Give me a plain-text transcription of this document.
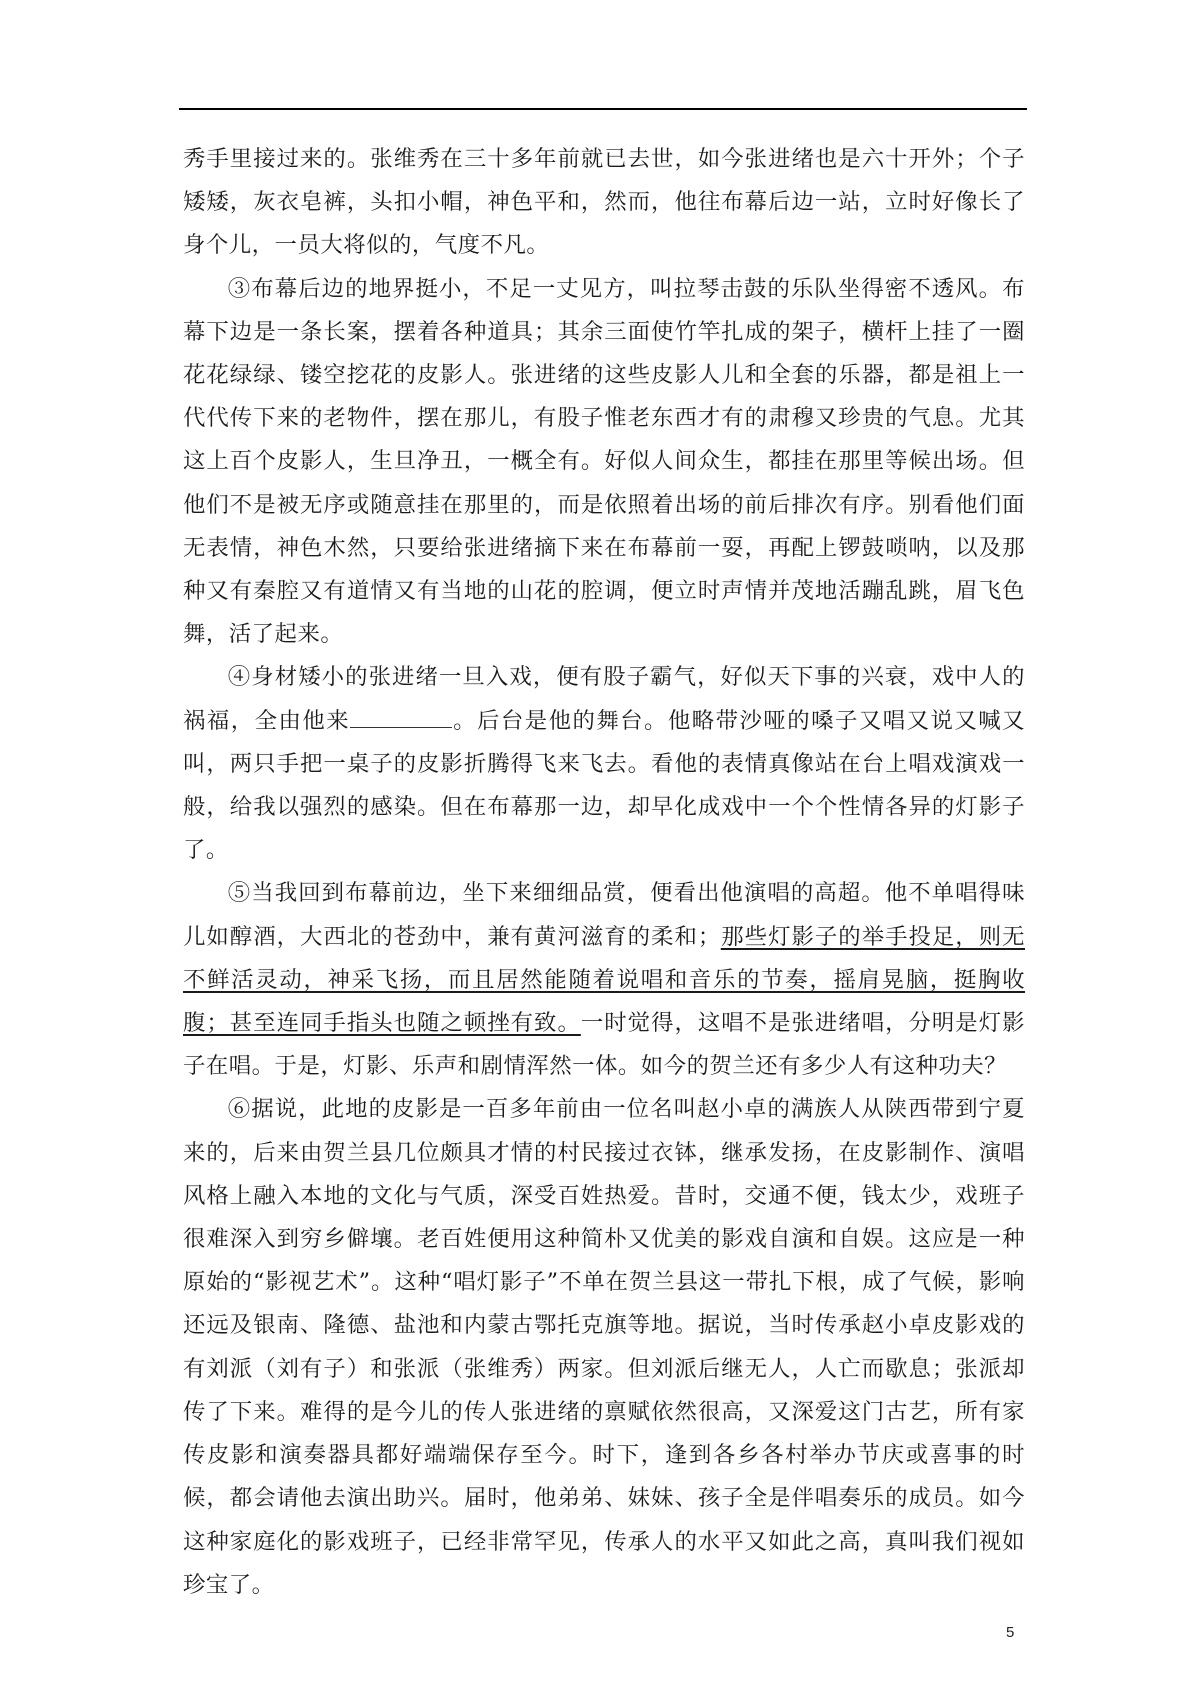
秀手里接过来的。张维秀在三十多年前就已去世，如今张进绪也是六十开外；个子矮矮，灰衣皂裤，头扣小帽，神色平和，然而，他往布幕后边一站，立时好像长了身个儿，一员大将似的，气度不凡。

③布幕后边的地界挺小，不足一丈见方，叫拉琴击鼓的乐队坐得密不透风。布幕下边是一条长案，摆着各种道具；其余三面使竹竿扎成的架子，横杆上挂了一圈花花绿绿、镂空挖花的皮影人。张进绪的这些皮影人儿和全套的乐器，都是祖上一代代传下来的老物件，摆在那儿，有股子惟老东西才有的肃穆又珍贵的气息。尤其这上百个皮影人，生旦净丑，一概全有。好似人间众生，都挂在那里等候出场。但他们不是被无序或随意挂在那里的，而是依照着出场的前后排次有序。别看他们面无表情，神色木然，只要给张进绪摘下来在布幕前一耍，再配上锣鼓唢呐，以及那种又有秦腔又有道情又有当地的山花的腔调，便立时声情并茂地活蹦乱跳，眉飞色舞，活了起来。

④身材矮小的张进绪一旦入戏，便有股子霸气，好似天下事的兴衰，戏中人的祸福，全由他来	。后台是他的舞台。他略带沙哑的嗓子又唱又说又喊又叫，两只手把一桌子的皮影折腾得飞来飞去。看他的表情真像站在台上唱戏演戏一般，给我以强烈的感染。但在布幕那一边，却早化成戏中一个个性情各异的灯影子了。

⑤当我回到布幕前边，坐下来细细品赏，便看出他演唱的高超。他不单唱得味儿如醇酒，大西北的苍劲中，兼有黄河滋育的柔和；那些灯影子的举手投足，则无不鲜活灵动，神采飞扬，而且居然能随着说唱和音乐的节奏，摇肩晃脑，挺胸收腹；甚至连同手指头也随之顿挫有致。一时觉得，这唱不是张进绪唱，分明是灯影子在唱。于是，灯影、乐声和剧情浑然一体。如今的贺兰还有多少人有这种功夫？

⑥据说，此地的皮影是一百多年前由一位名叫赵小卓的满族人从陕西带到宁夏来的，后来由贺兰县几位颇具才情的村民接过衣钵，继承发扬，在皮影制作、演唱风格上融入本地的文化与气质，深受百姓热爱。昔时，交通不便，钱太少，戏班子很难深入到穷乡僻壤。老百姓便用这种简朴又优美的影戏自演和自娱。这应是一种原始的“影视艺术”。这种“唱灯影子”不单在贺兰县这一带扎下根，成了气候，影响还远及银南、隆德、盐池和内蒙古鄂托克旗等地。据说，当时传承赵小卓皮影戏的有刘派（刘有子）和张派（张维秀）两家。但刘派后继无人，人亡而歇息；张派却传了下来。难得的是今儿的传人张进绪的禀赋依然很高，又深爱这门古艺，所有家传皮影和演奏器具都好端端保存至今。时下，逢到各乡各村举办节庆或喜事的时候，都会请他去演出助兴。届时，他弟弟、妹妹、孩子全是伴唱奏乐的成员。如今这种家庭化的影戏班子，已经非常罕见，传承人的水平又如此之高，真叫我们视如珍宝了。

5
